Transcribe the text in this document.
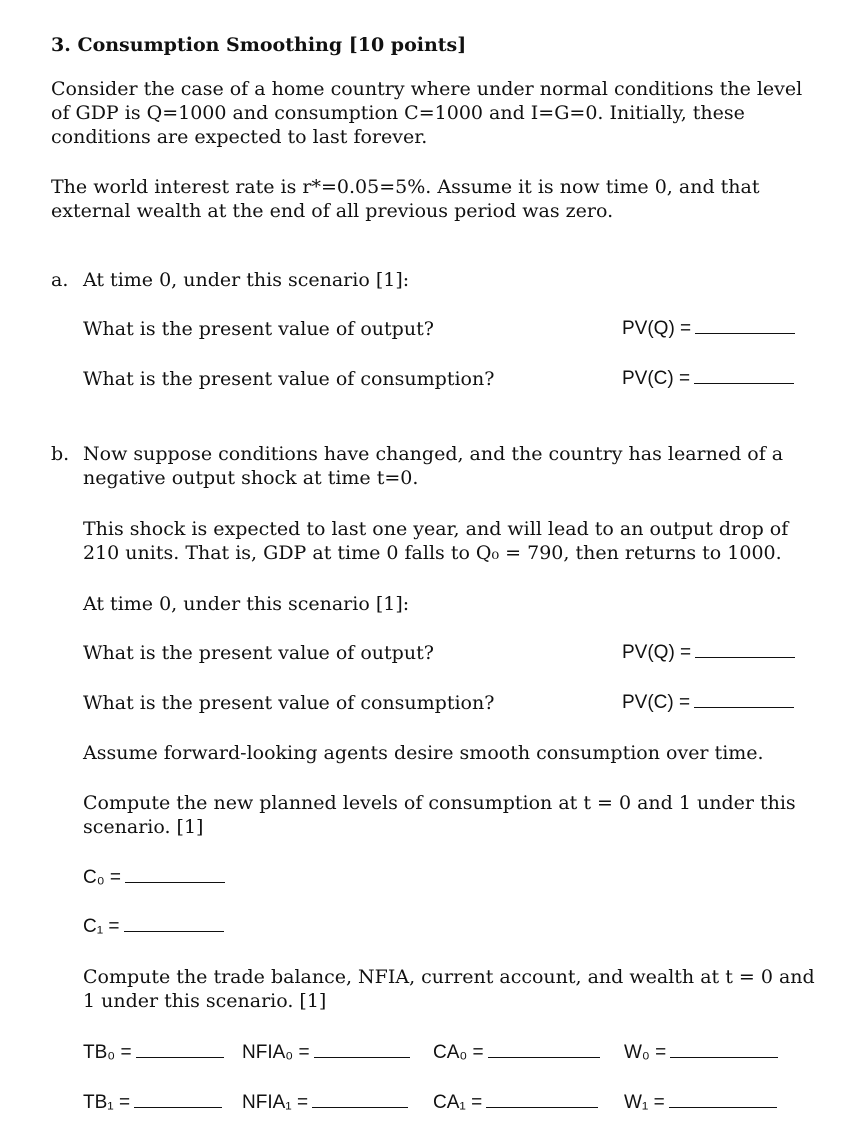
3. Consumption Smoothing [10 points]
Consider the case of a home country where under normal conditions the level of GDP is Q=1000 and consumption C=1000 and I=G=0. Initially, these conditions are expected to last forever.
The world interest rate is r*=0.05=5%. Assume it is now time 0, and that external wealth at the end of all previous period was zero.
a. At time 0, under this scenario [1]:
What is the present value of output?	PV(Q) =
What is the present value of consumption?	PV(C) =
b. Now suppose conditions have changed, and the country has learned of a negative output shock at time t=0.
This shock is expected to last one year, and will lead to an output drop of 210 units. That is, GDP at time 0 falls to Q₀ = 790, then returns to 1000.
At time 0, under this scenario [1]:
What is the present value of output?	PV(Q) =
What is the present value of consumption?	PV(C) =
Assume forward-looking agents desire smooth consumption over time.
Compute the new planned levels of consumption at t = 0 and 1 under this scenario. [1]
C₀ =
C₁ =
Compute the trade balance, NFIA, current account, and wealth at t = 0 and 1 under this scenario. [1]
TB₀ =	NFIA₀ =	CA₀ =	W₀ =
TB₁ =	NFIA₁ =	CA₁ =	W₁ =
